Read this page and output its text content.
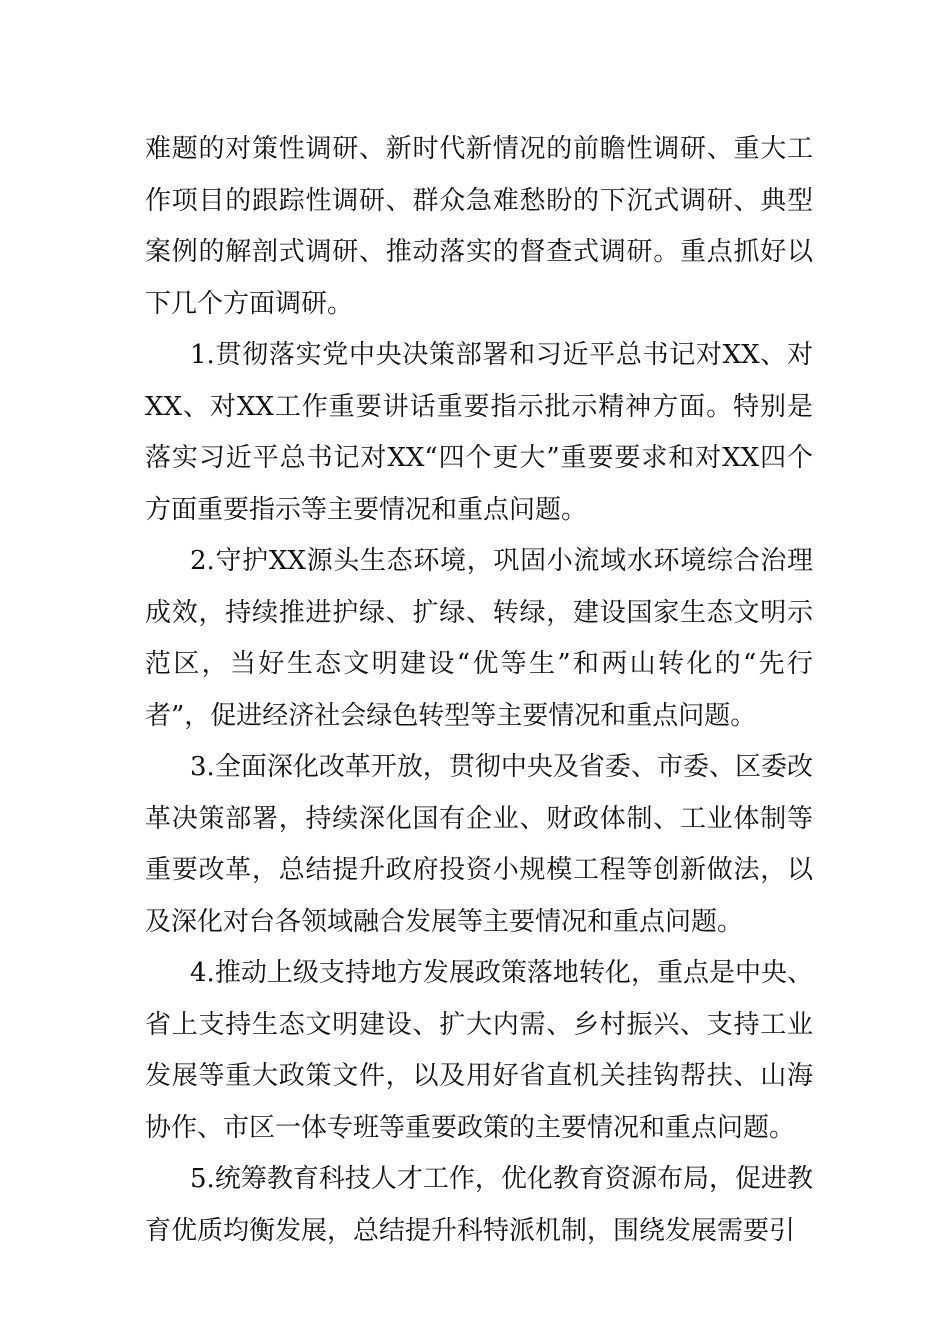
难题的对策性调研、新时代新情况的前瞻性调研、重大工作项目的跟踪性调研、群众急难愁盼的下沉式调研、典型案例的解剖式调研、推动落实的督查式调研。重点抓好以下几个方面调研。

1.贯彻落实党中央决策部署和习近平总书记对XX、对XX、对XX工作重要讲话重要指示批示精神方面。特别是落实习近平总书记对XX“四个更大”重要要求和对XX四个方面重要指示等主要情况和重点问题。

2.守护XX源头生态环境，巩固小流域水环境综合治理成效，持续推进护绿、扩绿、转绿，建设国家生态文明示范区，当好生态文明建设“优等生”和两山转化的“先行者”，促进经济社会绿色转型等主要情况和重点问题。

3.全面深化改革开放，贯彻中央及省委、市委、区委改革决策部署，持续深化国有企业、财政体制、工业体制等重要改革，总结提升政府投资小规模工程等创新做法，以及深化对台各领域融合发展等主要情况和重点问题。

4.推动上级支持地方发展政策落地转化，重点是中央、省上支持生态文明建设、扩大内需、乡村振兴、支持工业发展等重大政策文件，以及用好省直机关挂钩帮扶、山海协作、市区一体专班等重要政策的主要情况和重点问题。

5.统筹教育科技人才工作，优化教育资源布局，促进教育优质均衡发展，总结提升科特派机制，围绕发展需要引
